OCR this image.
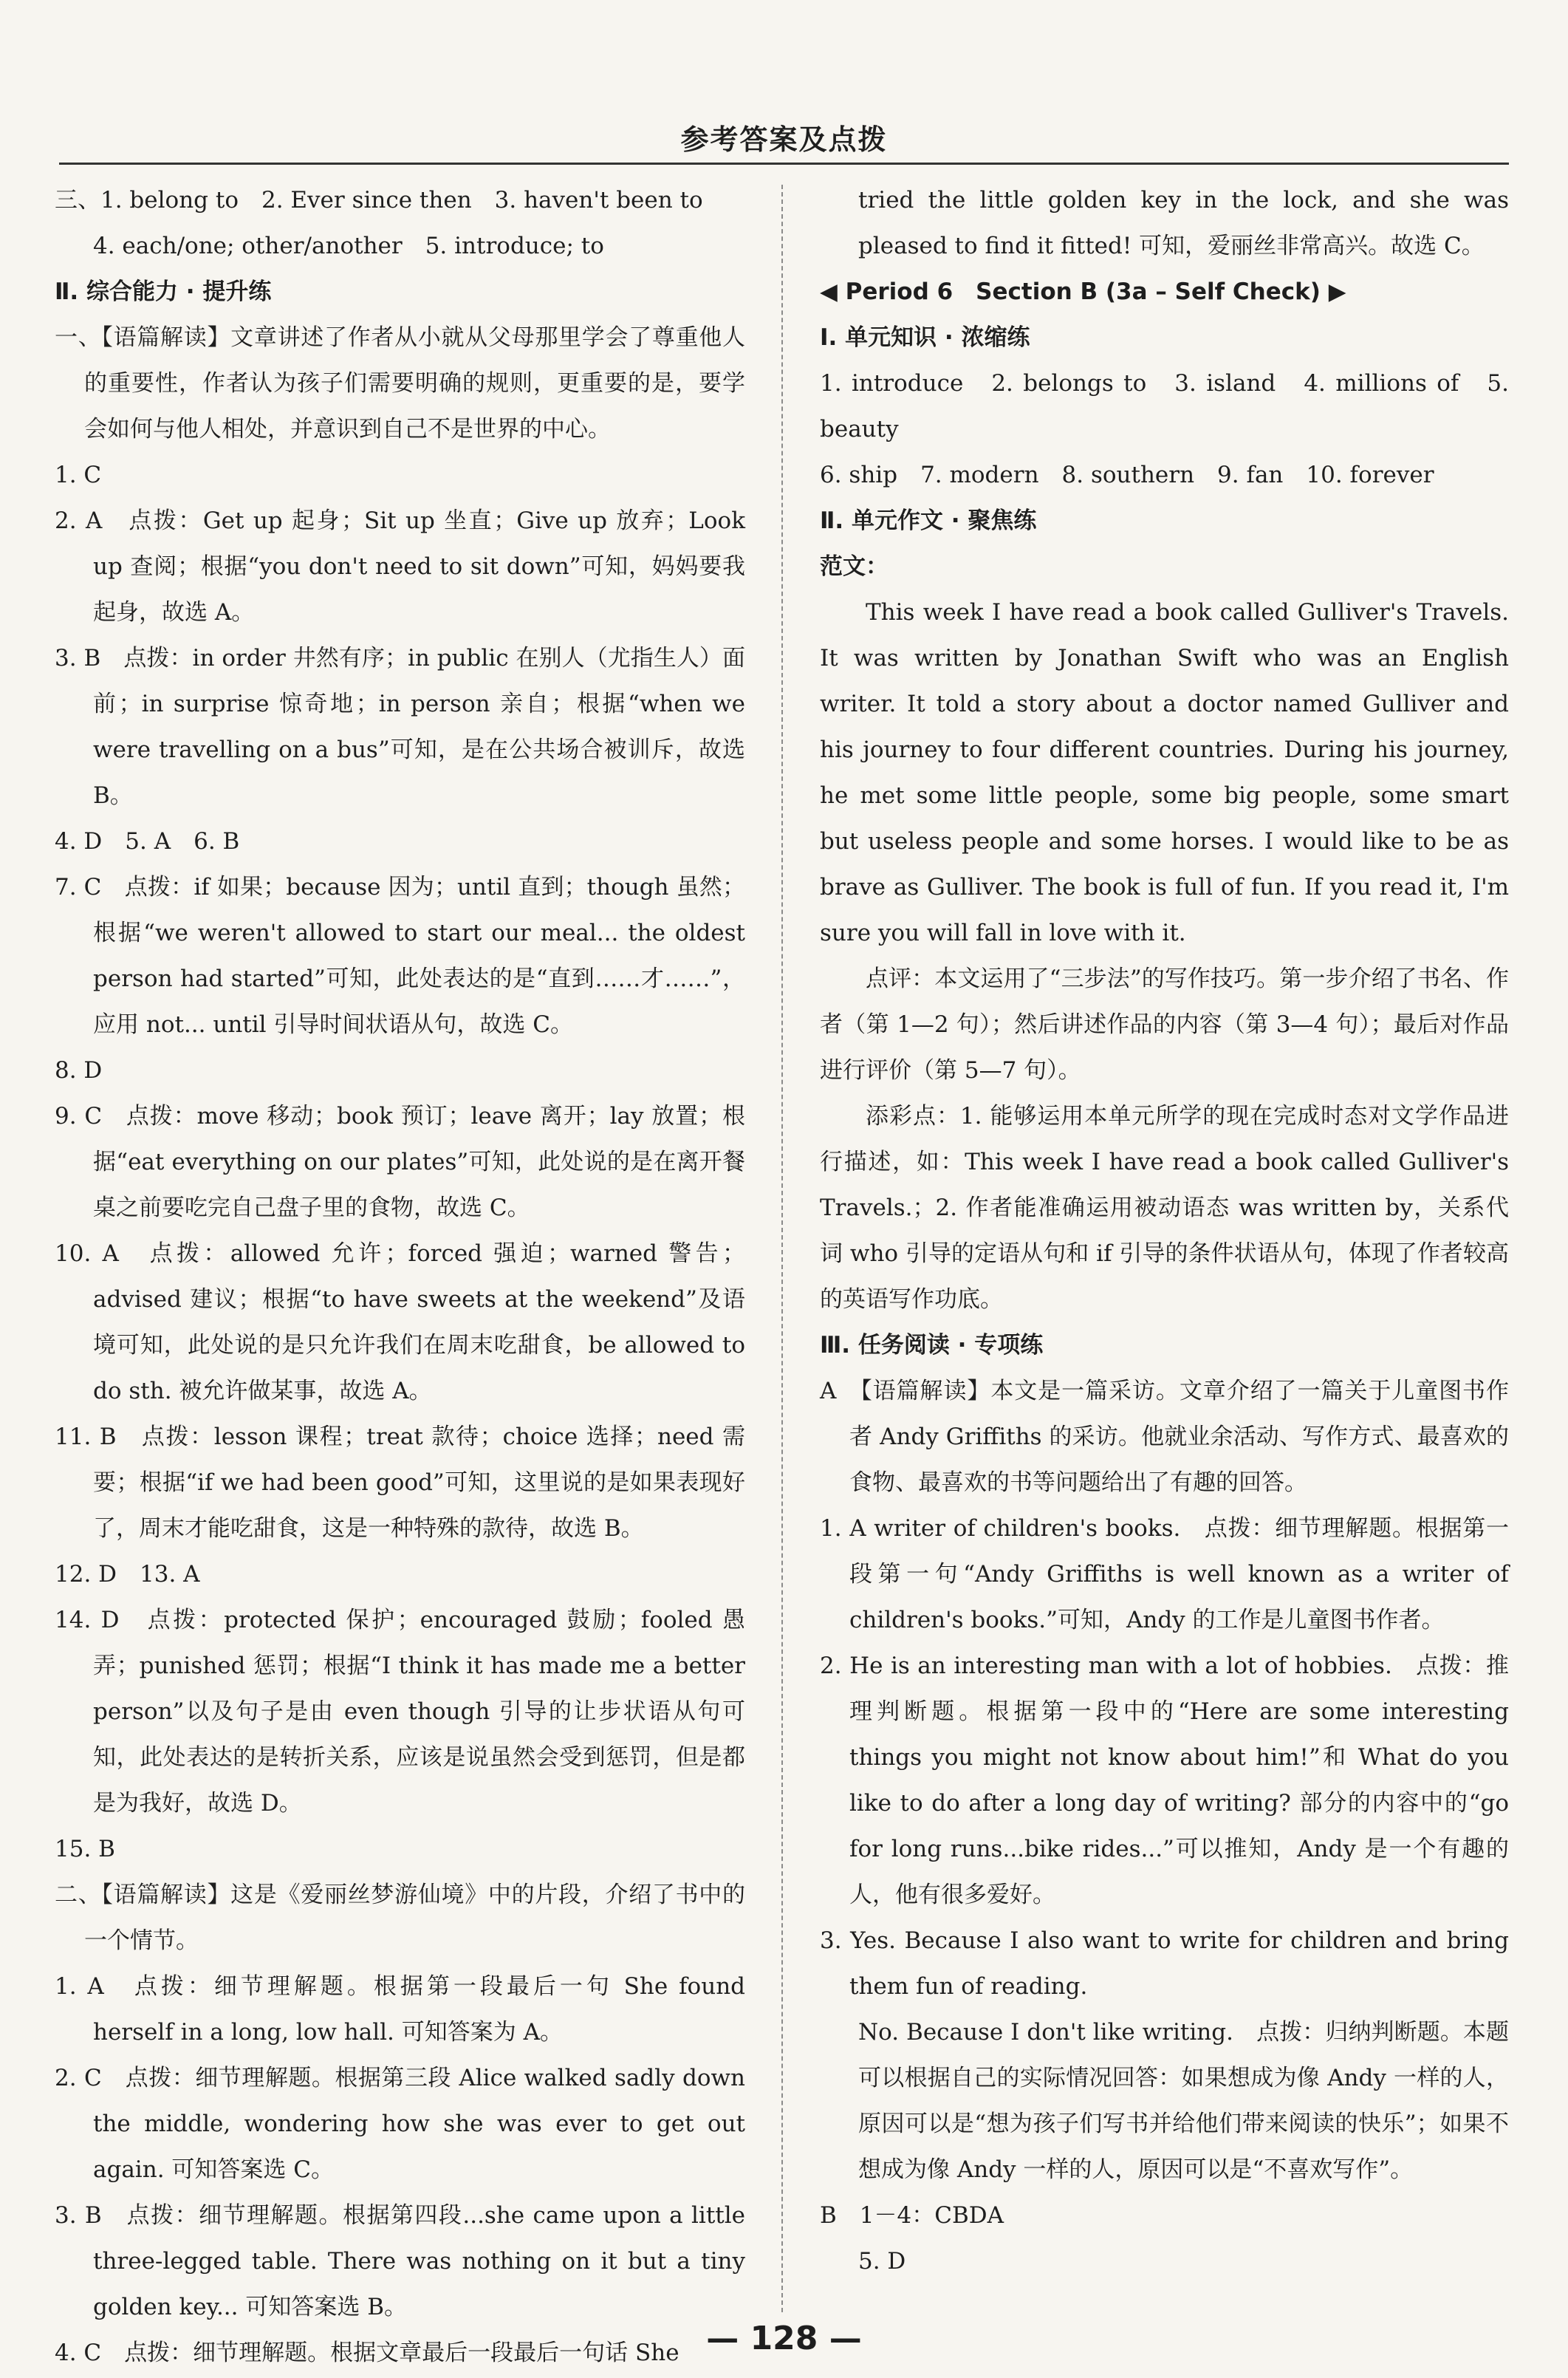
参考答案及点拨

三、1. belong to　2. Ever since then　3. haven't been to

4. each/one; other/another　5. introduce; to

Ⅱ. 综合能力 · 提升练

一、【语篇解读】文章讲述了作者从小就从父母那里学会了尊重他人的重要性，作者认为孩子们需要明确的规则，更重要的是，要学会如何与他人相处，并意识到自己不是世界的中心。

1. C

2. A　点拨：Get up 起身；Sit up 坐直；Give up 放弃；Look up 查阅；根据“you don't need to sit down”可知，妈妈要我起身，故选 A。

3. B　点拨：in order 井然有序；in public 在别人（尤指生人）面前；in surprise 惊奇地；in person 亲自；根据“when we were travelling on a bus”可知，是在公共场合被训斥，故选 B。

4. D　5. A　6. B

7. C　点拨：if 如果；because 因为；until 直到；though 虽然；根据“we weren't allowed to start our meal... the oldest person had started”可知，此处表达的是“直到……才……”，应用 not... until 引导时间状语从句，故选 C。

8. D

9. C　点拨：move 移动；book 预订；leave 离开；lay 放置；根据“eat everything on our plates”可知，此处说的是在离开餐桌之前要吃完自己盘子里的食物，故选 C。

10. A　点拨：allowed 允许；forced 强迫；warned 警告；advised 建议；根据“to have sweets at the weekend”及语境可知，此处说的是只允许我们在周末吃甜食，be allowed to do sth. 被允许做某事，故选 A。

11. B　点拨：lesson 课程；treat 款待；choice 选择；need 需要；根据“if we had been good”可知，这里说的是如果表现好了，周末才能吃甜食，这是一种特殊的款待，故选 B。

12. D　13. A

14. D　点拨：protected 保护；encouraged 鼓励；fooled 愚弄；punished 惩罚；根据“I think it has made me a better person”以及句子是由 even though 引导的让步状语从句可知，此处表达的是转折关系，应该是说虽然会受到惩罚，但是都是为我好，故选 D。

15. B

二、【语篇解读】这是《爱丽丝梦游仙境》中的片段，介绍了书中的一个情节。

1. A　点拨：细节理解题。根据第一段最后一句 She found herself in a long, low hall. 可知答案为 A。

2. C　点拨：细节理解题。根据第三段 Alice walked sadly down the middle, wondering how she was ever to get out again. 可知答案选 C。

3. B　点拨：细节理解题。根据第四段...she came upon a little three-legged table. There was nothing on it but a tiny golden key... 可知答案选 B。

4. C　点拨：细节理解题。根据文章最后一段最后一句话 She

tried the little golden key in the lock, and she was pleased to find it fitted! 可知，爱丽丝非常高兴。故选 C。

◀ Period 6　Section B (3a – Self Check) ▶

Ⅰ. 单元知识 · 浓缩练

1. introduce　2. belongs to　3. island　4. millions of　5. beauty

6. ship　7. modern　8. southern　9. fan　10. forever

Ⅱ. 单元作文 · 聚焦练

范文：

This week I have read a book called Gulliver's Travels. It was written by Jonathan Swift who was an English writer. It told a story about a doctor named Gulliver and his journey to four different countries. During his journey, he met some little people, some big people, some smart but useless people and some horses. I would like to be as brave as Gulliver. The book is full of fun. If you read it, I'm sure you will fall in love with it.

点评：本文运用了“三步法”的写作技巧。第一步介绍了书名、作者（第 1—2 句）；然后讲述作品的内容（第 3—4 句）；最后对作品进行评价（第 5—7 句）。

添彩点：1. 能够运用本单元所学的现在完成时态对文学作品进行描述，如：This week I have read a book called Gulliver's Travels.；2. 作者能准确运用被动语态 was written by，关系代词 who 引导的定语从句和 if 引导的条件状语从句，体现了作者较高的英语写作功底。

Ⅲ. 任务阅读 · 专项练

A　【语篇解读】本文是一篇采访。文章介绍了一篇关于儿童图书作者 Andy Griffiths 的采访。他就业余活动、写作方式、最喜欢的食物、最喜欢的书等问题给出了有趣的回答。

1. A writer of children's books.　点拨：细节理解题。根据第一段第一句“Andy Griffiths is well known as a writer of children's books.”可知，Andy 的工作是儿童图书作者。

2. He is an interesting man with a lot of hobbies.　点拨：推理判断题。根据第一段中的“Here are some interesting things you might not know about him!”和 What do you like to do after a long day of writing? 部分的内容中的“go for long runs...bike rides...”可以推知，Andy 是一个有趣的人，他有很多爱好。

3. Yes. Because I also want to write for children and bring them fun of reading.

No. Because I don't like writing.　点拨：归纳判断题。本题可以根据自己的实际情况回答：如果想成为像 Andy 一样的人，原因可以是“想为孩子们写书并给他们带来阅读的快乐”；如果不想成为像 Andy 一样的人，原因可以是“不喜欢写作”。

B　1－4：CBDA

5. D

— 128 —
